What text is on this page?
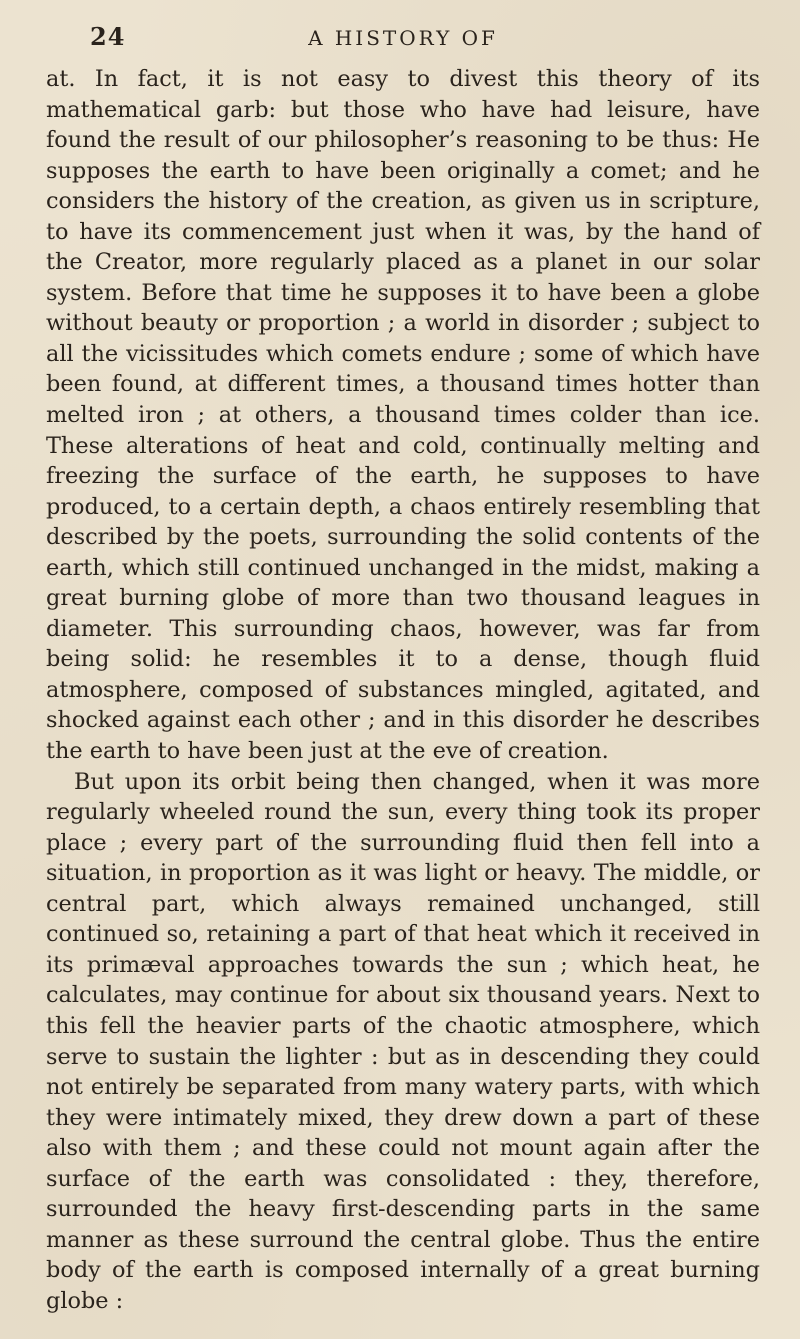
24	A HISTORY OF

at. In fact, it is not easy to divest this theory of its mathematical garb: but those who have had leisure, have found the result of our philosopher’s reasoning to be thus: He supposes the earth to have been originally a comet; and he considers the history of the creation, as given us in scripture, to have its commencement just when it was, by the hand of the Creator, more regularly placed as a planet in our solar system. Before that time he supposes it to have been a globe without beauty or proportion ; a world in disorder ; subject to all the vicissitudes which comets endure ; some of which have been found, at different times, a thousand times hotter than melted iron ; at others, a thousand times colder than ice. These alterations of heat and cold, continually melting and freezing the surface of the earth, he supposes to have produced, to a certain depth, a chaos entirely resembling that described by the poets, surrounding the solid contents of the earth, which still continued unchanged in the midst, making a great burning globe of more than two thousand leagues in diameter. This surrounding chaos, however, was far from being solid: he resembles it to a dense, though fluid atmosphere, composed of substances mingled, agitated, and shocked against each other ; and in this disorder he describes the earth to have been just at the eve of creation.

But upon its orbit being then changed, when it was more regularly wheeled round the sun, every thing took its proper place ; every part of the surrounding fluid then fell into a situation, in proportion as it was light or heavy. The middle, or central part, which always remained unchanged, still continued so, retaining a part of that heat which it received in its primæval approaches towards the sun ; which heat, he calculates, may continue for about six thousand years. Next to this fell the heavier parts of the chaotic atmosphere, which serve to sustain the lighter : but as in descending they could not entirely be separated from many watery parts, with which they were intimately mixed, they drew down a part of these also with them ; and these could not mount again after the surface of the earth was consolidated : they, therefore, surrounded the heavy first-descending parts in the same manner as these surround the central globe. Thus the entire body of the earth is composed internally of a great burning globe :
